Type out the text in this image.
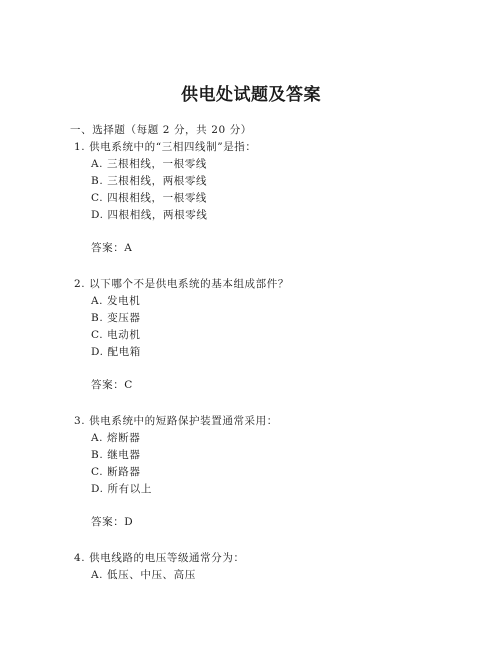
供电处试题及答案
一、选择题（每题 2 分，共 20 分）
1. 供电系统中的“三相四线制”是指：
A. 三根相线，一根零线
B. 三根相线，两根零线
C. 四根相线，一根零线
D. 四根相线，两根零线
答案：A
2. 以下哪个不是供电系统的基本组成部件？
A. 发电机
B. 变压器
C. 电动机
D. 配电箱
答案：C
3. 供电系统中的短路保护装置通常采用：
A. 熔断器
B. 继电器
C. 断路器
D. 所有以上
答案：D
4. 供电线路的电压等级通常分为：
A. 低压、中压、高压
